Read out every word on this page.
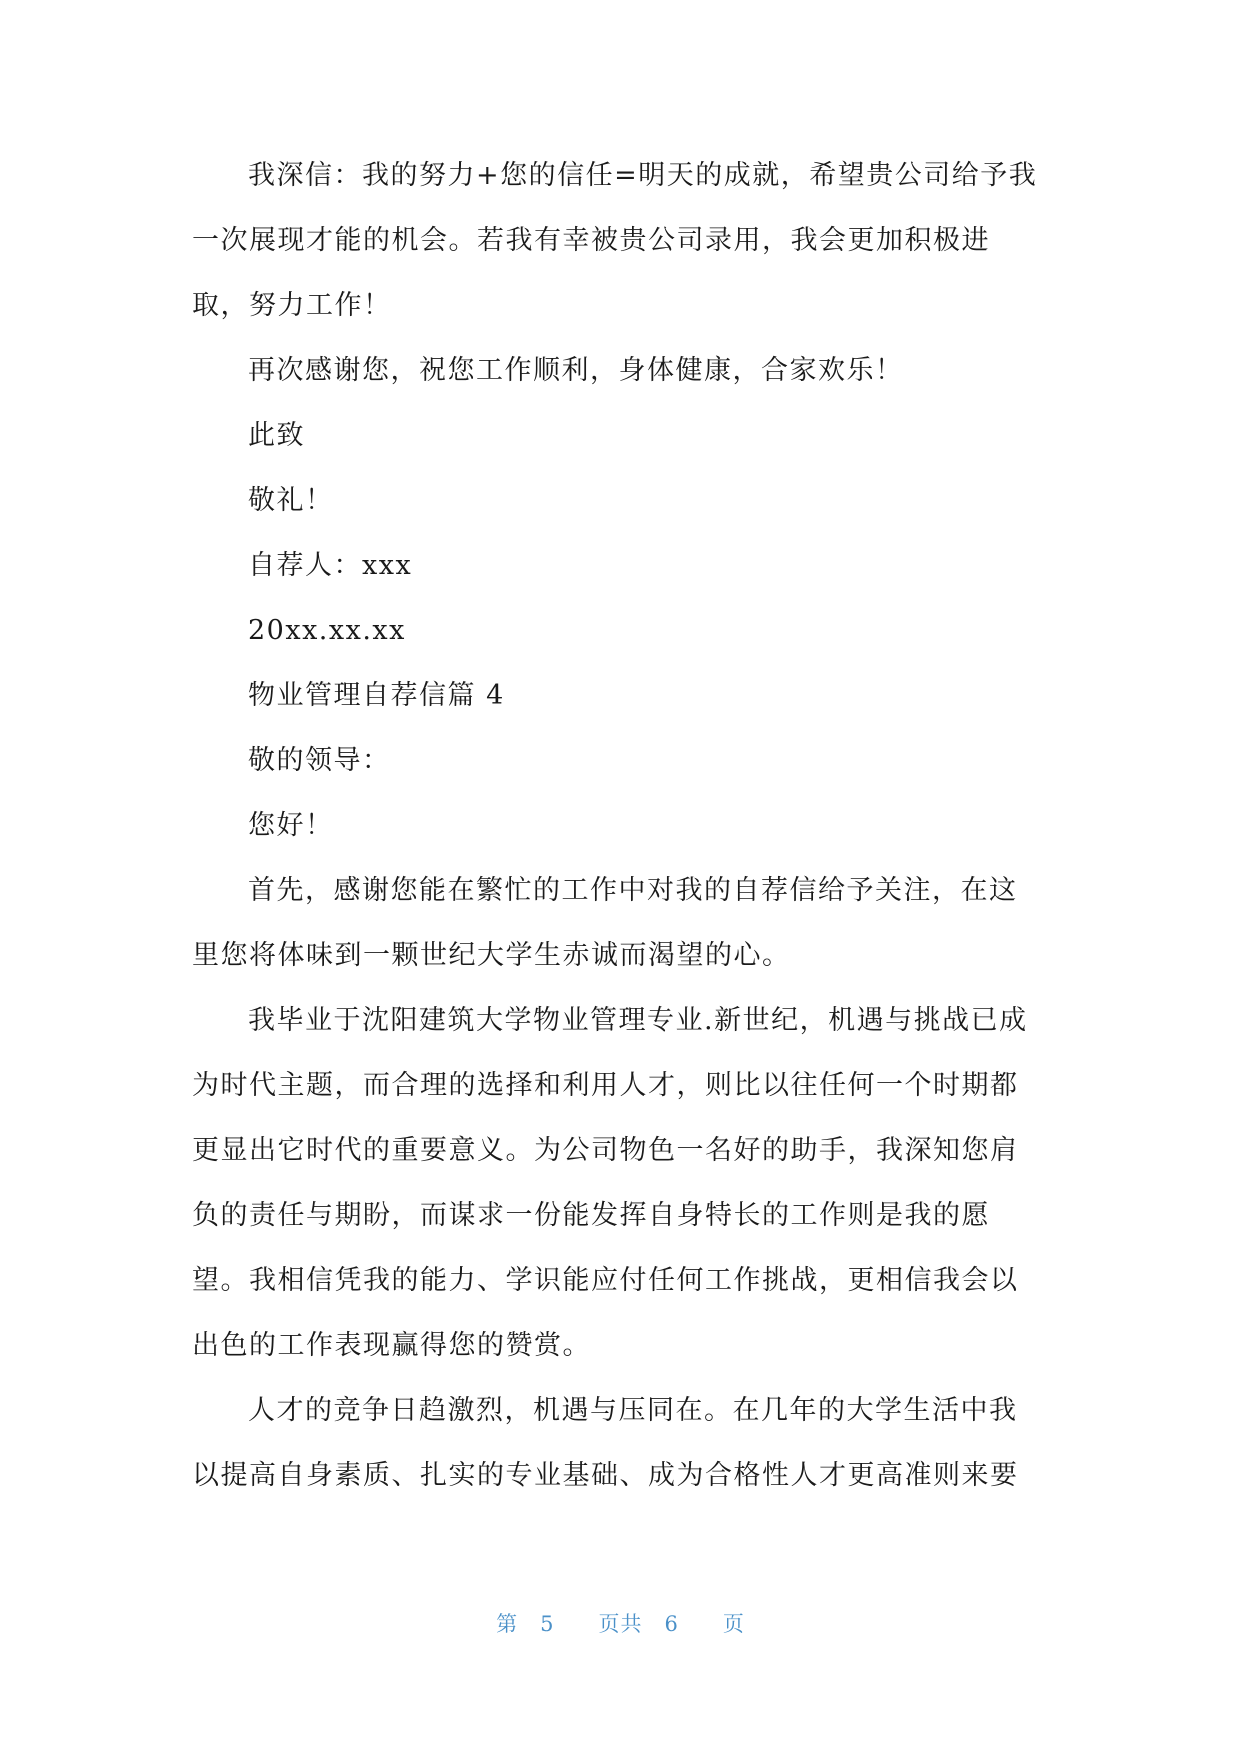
我深信：我的努力+您的信任=明天的成就，希望贵公司给予我
一次展现才能的机会。若我有幸被贵公司录用，我会更加积极进
取，努力工作！
再次感谢您，祝您工作顺利，身体健康，合家欢乐！
此致
敬礼！
自荐人：xxx
20xx.xx.xx
物业管理自荐信篇 4
敬的领导：
您好！
首先，感谢您能在繁忙的工作中对我的自荐信给予关注，在这
里您将体味到一颗世纪大学生赤诚而渴望的心。
我毕业于沈阳建筑大学物业管理专业.新世纪，机遇与挑战已成
为时代主题，而合理的选择和利用人才，则比以往任何一个时期都
更显出它时代的重要意义。为公司物色一名好的助手，我深知您肩
负的责任与期盼，而谋求一份能发挥自身特长的工作则是我的愿
望。我相信凭我的能力、学识能应付任何工作挑战，更相信我会以
出色的工作表现赢得您的赞赏。
人才的竞争日趋激烈，机遇与压同在。在几年的大学生活中我
以提高自身素质、扎实的专业基础、成为合格性人才更高准则来要
第 5 页共 6 页
